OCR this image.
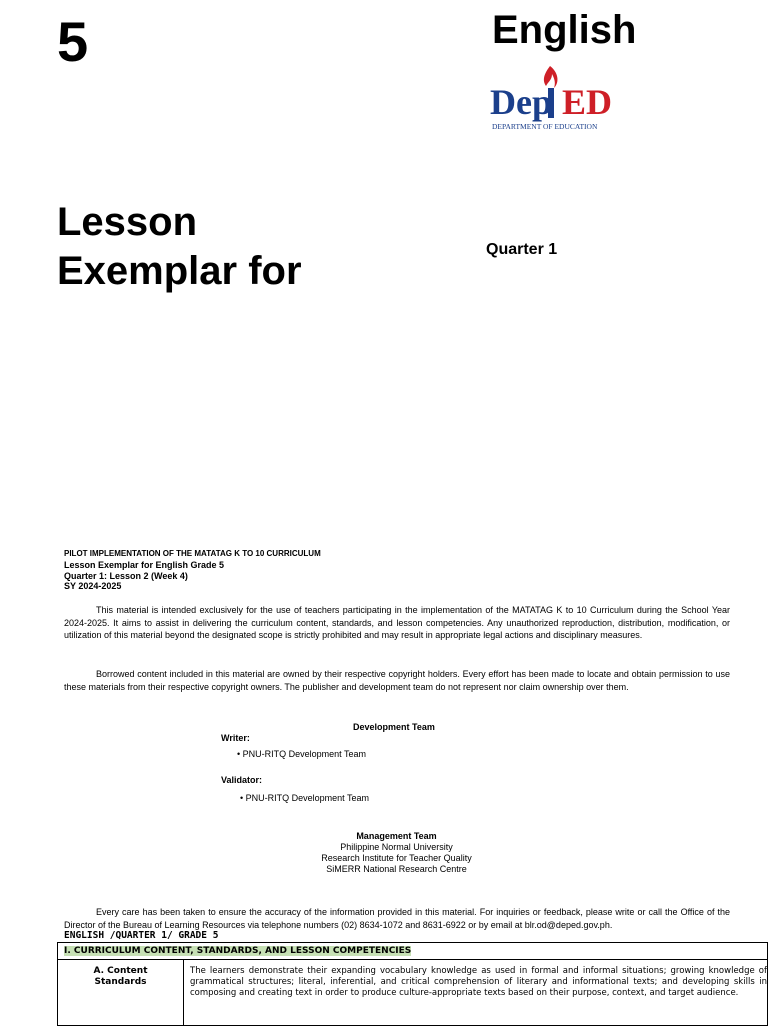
5	English
Dep ED
DEPARTMENT OF EDUCATION
Lesson
Exemplar for	Quarter 1
PILOT IMPLEMENTATION OF THE MATATAG K TO 10 CURRICULUM
Lesson Exemplar for English Grade 5
Quarter 1: Lesson 2 (Week 4)
SY 2024-2025
This material is intended exclusively for the use of teachers participating in the implementation of the MATATAG K to 10 Curriculum during the School Year 2024-2025. It aims to assist in delivering the curriculum content, standards, and lesson competencies. Any unauthorized reproduction, distribution, modification, or utilization of this material beyond the designated scope is strictly prohibited and may result in appropriate legal actions and disciplinary measures.
Borrowed content included in this material are owned by their respective copyright holders. Every effort has been made to locate and obtain permission to use these materials from their respective copyright owners. The publisher and development team do not represent nor claim ownership over them.
Development Team
Writer:
• PNU-RITQ Development Team
Validator:
• PNU-RITQ Development Team
Management Team
Philippine Normal University
Research Institute for Teacher Quality
SiMERR National Research Centre
Every care has been taken to ensure the accuracy of the information provided in this material. For inquiries or feedback, please write or call the Office of the Director of the Bureau of Learning Resources via telephone numbers (02) 8634-1072 and 8631-6922 or by email at blr.od@deped.gov.ph.
ENGLISH /QUARTER 1/ GRADE 5
I. CURRICULUM CONTENT, STANDARDS, AND LESSON COMPETENCIES
A. Content
Standards
The learners demonstrate their expanding vocabulary knowledge as used in formal and informal situations; growing knowledge of grammatical structures; literal, inferential, and critical comprehension of literary and informational texts; and developing skills in composing and creating text in order to produce culture-appropriate texts based on their purpose, context, and target audience.
